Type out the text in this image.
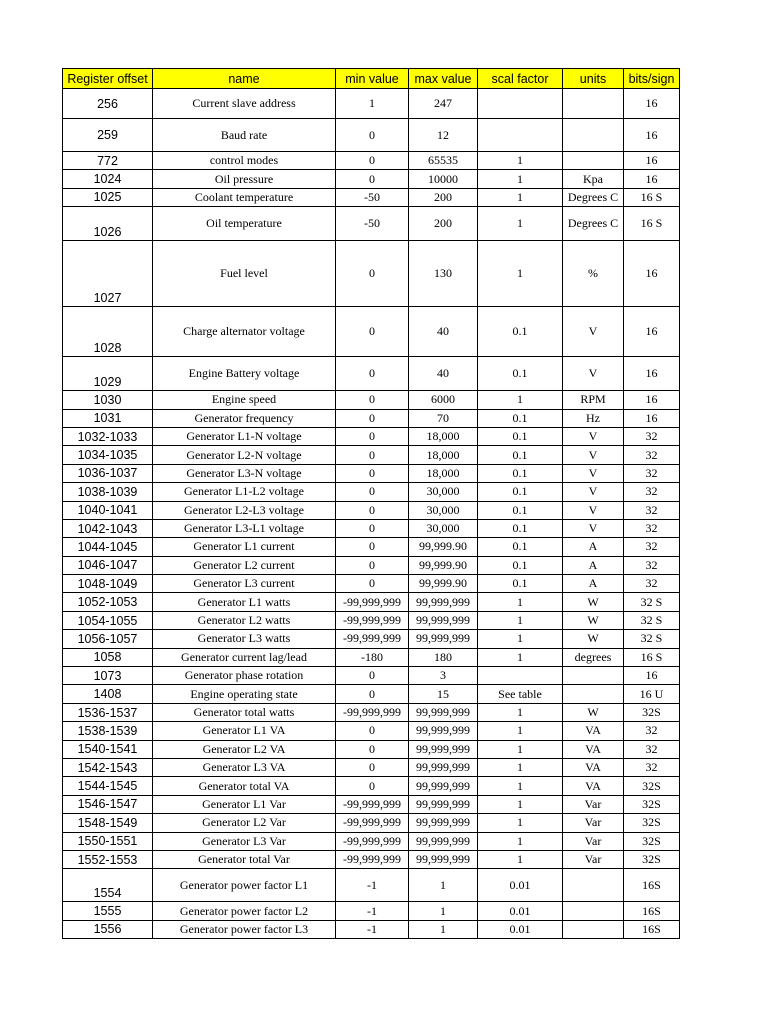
Register offset	name	min value	max value	scal factor	units	bits/sign
256	Current slave address	1	247			16
259	Baud rate	0	12			16
772	control modes	0	65535	1		16
1024	Oil pressure	0	10000	1	Kpa	16
1025	Coolant temperature	-50	200	1	Degrees C	16 S
1026	Oil temperature	-50	200	1	Degrees C	16 S
1027	Fuel level	0	130	1	%	16
1028	Charge alternator voltage	0	40	0.1	V	16
1029	Engine Battery voltage	0	40	0.1	V	16
1030	Engine speed	0	6000	1	RPM	16
1031	Generator frequency	0	70	0.1	Hz	16
1032-1033	Generator L1-N voltage	0	18,000	0.1	V	32
1034-1035	Generator L2-N voltage	0	18,000	0.1	V	32
1036-1037	Generator L3-N voltage	0	18,000	0.1	V	32
1038-1039	Generator L1-L2 voltage	0	30,000	0.1	V	32
1040-1041	Generator L2-L3 voltage	0	30,000	0.1	V	32
1042-1043	Generator L3-L1 voltage	0	30,000	0.1	V	32
1044-1045	Generator L1 current	0	99,999.90	0.1	A	32
1046-1047	Generator L2 current	0	99,999.90	0.1	A	32
1048-1049	Generator L3 current	0	99,999.90	0.1	A	32
1052-1053	Generator L1 watts	-99,999,999	99,999,999	1	W	32 S
1054-1055	Generator L2 watts	-99,999,999	99,999,999	1	W	32 S
1056-1057	Generator L3 watts	-99,999,999	99,999,999	1	W	32 S
1058	Generator current lag/lead	-180	180	1	degrees	16 S
1073	Generator phase rotation	0	3			16
1408	Engine operating state	0	15	See table		16 U
1536-1537	Generator total watts	-99,999,999	99,999,999	1	W	32S
1538-1539	Generator L1 VA	0	99,999,999	1	VA	32
1540-1541	Generator L2 VA	0	99,999,999	1	VA	32
1542-1543	Generator L3 VA	0	99,999,999	1	VA	32
1544-1545	Generator total VA	0	99,999,999	1	VA	32S
1546-1547	Generator L1 Var	-99,999,999	99,999,999	1	Var	32S
1548-1549	Generator L2 Var	-99,999,999	99,999,999	1	Var	32S
1550-1551	Generator L3 Var	-99,999,999	99,999,999	1	Var	32S
1552-1553	Generator total Var	-99,999,999	99,999,999	1	Var	32S
1554	Generator power factor L1	-1	1	0.01		16S
1555	Generator power factor L2	-1	1	0.01		16S
1556	Generator power factor L3	-1	1	0.01		16S
